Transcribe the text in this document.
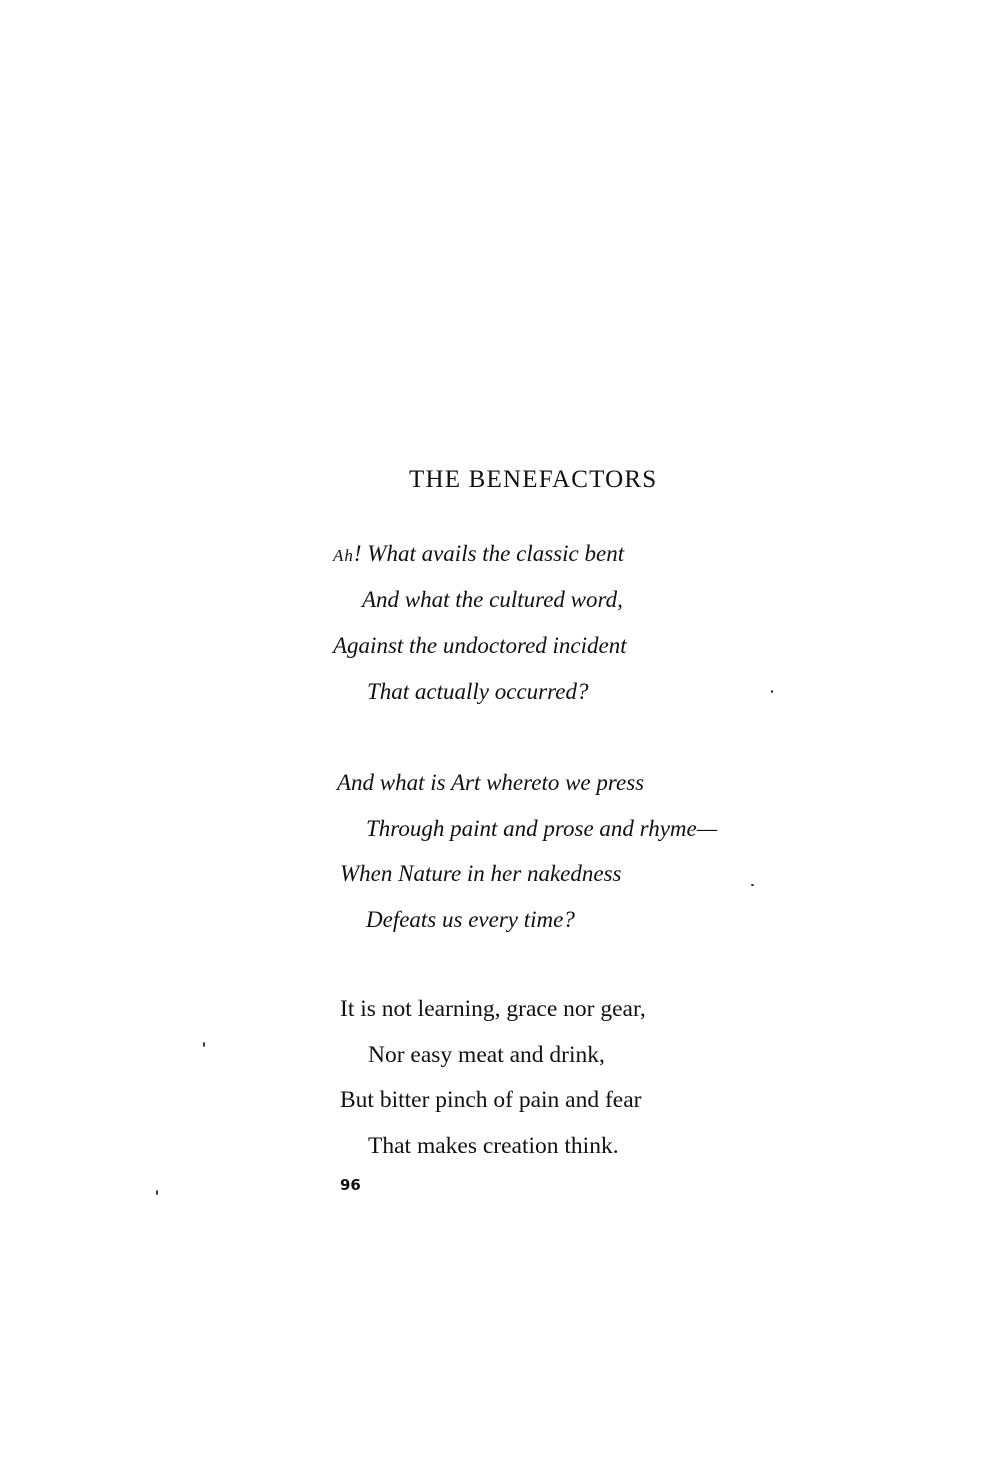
THE BENEFACTORS
Ah! What avails the classic bent
And what the cultured word,
Against the undoctored incident
That actually occurred?
And what is Art whereto we press
Through paint and prose and rhyme—
When Nature in her nakedness
Defeats us every time?
It is not learning, grace nor gear,
Nor easy meat and drink,
But bitter pinch of pain and fear
That makes creation think.
96
